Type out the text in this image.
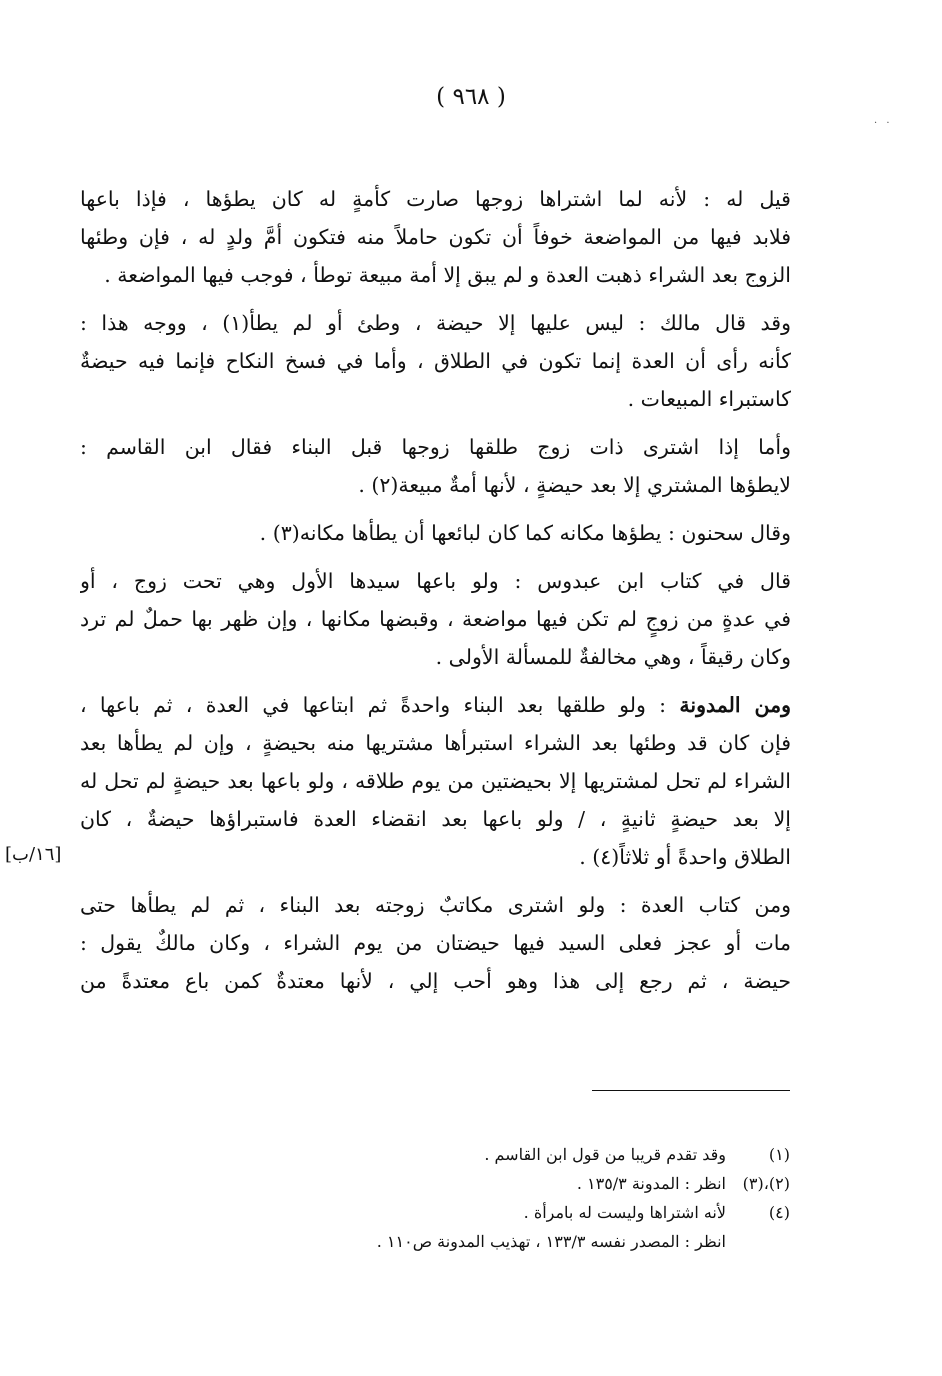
( ٩٦٨ )
· ·
قيل له : لأنه لما اشتراها زوجها صارت كأمةٍ له كان يطؤها ، فإذا باعها
فلابد فيها من المواضعة خوفاً أن تكون حاملاً منه فتكون أمَّ ولدٍ له ، فإن وطئها
الزوج بعد الشراء ذهبت العدة و لم يبق إلا أمة مبيعة توطأ ، فوجب فيها المواضعة .
وقد قال مالك : ليس عليها إلا حيضة ، وطئ أو لم يطأ(١) ، ووجه هذا :
كأنه رأى أن العدة إنما تكون في الطلاق ، وأما في فسخ النكاح فإنما فيه حيضةٌ
كاستبراء المبيعات .
وأما إذا اشترى ذات زوج طلقها زوجها قبل البناء فقال ابن القاسم :
لايطؤها المشتري إلا بعد حيضةٍ ، لأنها أمةٌ مبيعة(٢) .
وقال سحنون : يطؤها مكانه كما كان لبائعها أن يطأها مكانه(٣) .
قال في كتاب ابن عبدوس : ولو باعها سيدها الأول وهي تحت زوج ، أو
في عدةٍ من زوجٍ لم تكن فيها مواضعة ، وقبضها مكانها ، وإن ظهر بها حملٌ لم ترد
وكان رقيقاً ، وهي مخالفةٌ للمسألة الأولى .
ومن المدونة : ولو طلقها بعد البناء واحدةً ثم ابتاعها في العدة ، ثم باعها ،
فإن كان قد وطئها بعد الشراء استبرأها مشتريها منه بحيضةٍ ، وإن لم يطأها بعد
الشراء لم تحل لمشتريها إلا بحيضتين من يوم طلاقه ، ولو باعها بعد حيضةٍ لم تحل له
إلا بعد حيضةٍ ثانيةٍ ، / ولو باعها بعد انقضاء العدة فاستبراؤها حيضةٌ ، كان
الطلاق واحدةً أو ثلاثاً(٤) .
ومن كتاب العدة : ولو اشترى مكاتبٌ زوجته بعد البناء ، ثم لم يطأها حتى
مات أو عجز فعلى السيد فيها حيضتان من يوم الشراء ، وكان مالكٌ يقول :
حيضة ، ثم رجع إلى هذا وهو أحب إلي ، لأنها معتدةٌ كمن باع معتدةً من
[١٦/ب]
(١)وقد تقدم قريبا من قول ابن القاسم .
(٢)،(٣)انظر : المدونة ١٣٥/٣ .
(٤)لأنه اشتراها وليست له بامرأة .
انظر : المصدر نفسه ١٣٣/٣ ، تهذيب المدونة ص١١٠ .
